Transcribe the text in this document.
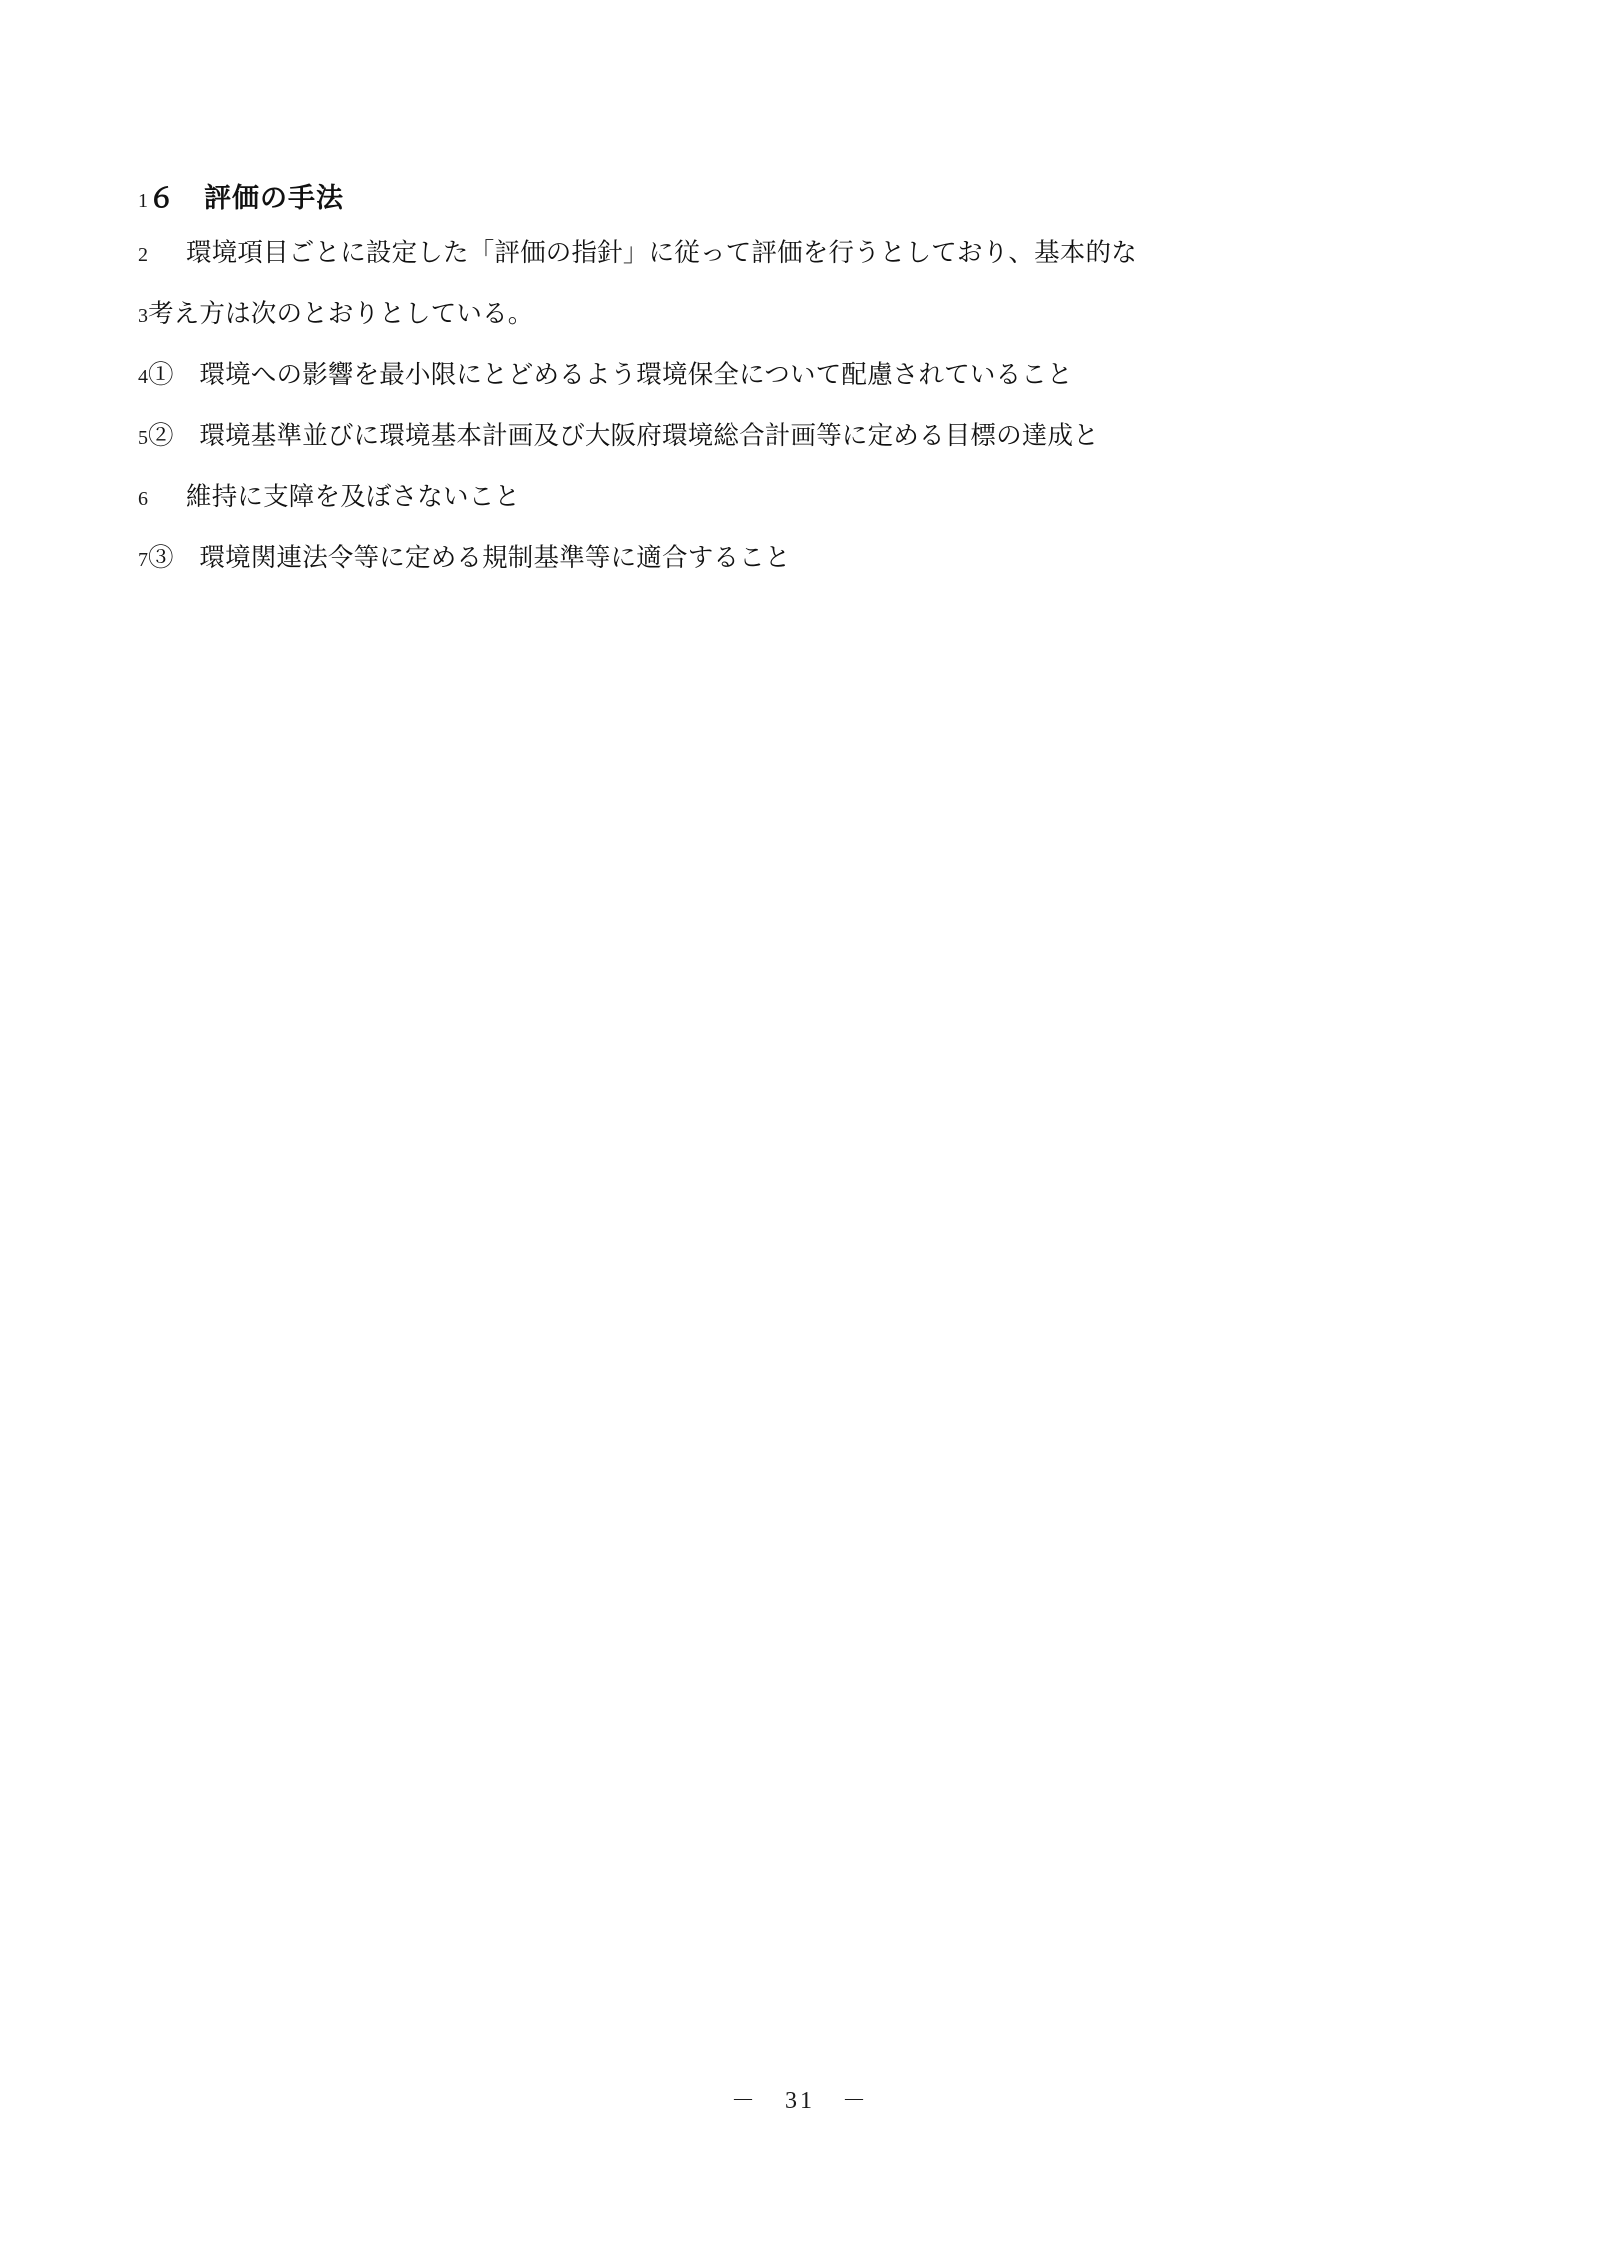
1 ６　評価の手法
2	環境項目ごとに設定した「評価の指針」に従って評価を行うとしており、基本的な
3 考え方は次のとおりとしている。
4 ①　環境への影響を最小限にとどめるよう環境保全について配慮されていること
5 ②　環境基準並びに環境基本計画及び大阪府環境総合計画等に定める目標の達成と
6	維持に支障を及ぼさないこと
7 ③　環境関連法令等に定める規制基準等に適合すること
－　31　－
